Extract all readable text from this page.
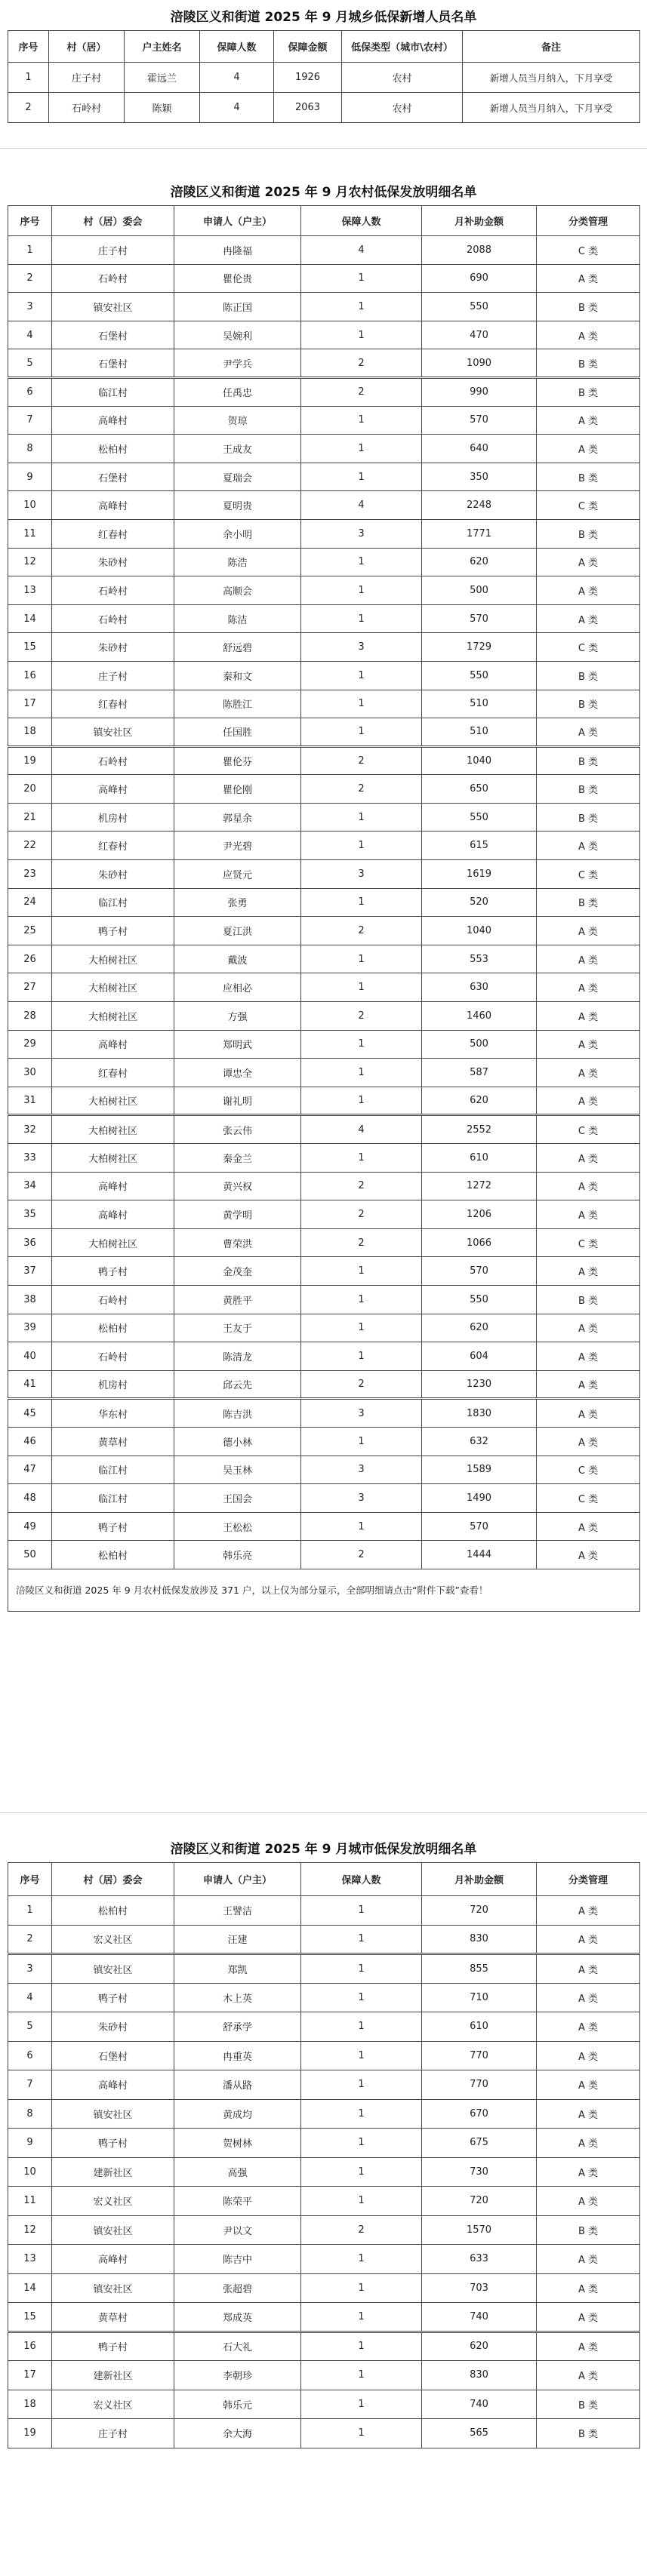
涪陵区义和街道 2025 年 9 月城乡低保新增人员名单
序号	村（居）	户主姓名	保障人数	保障金额	低保类型（城市\农村）	备注
1	庄子村	霍远兰	4	1926	农村	新增人员当月纳入，下月享受
2	石岭村	陈颖	4	2063	农村	新增人员当月纳入，下月享受
涪陵区义和街道 2025 年 9 月农村低保发放明细名单
序号	村（居）委会	申请人（户主）	保障人数	月补助金额	分类管理
1	庄子村	冉隆福	4	2088	C 类
2	石岭村	瞿伦贵	1	690	A 类
3	镇安社区	陈正国	1	550	B 类
4	石堡村	吴婉利	1	470	A 类
5	石堡村	尹学兵	2	1090	B 类
6	临江村	任禹忠	2	990	B 类
7	高峰村	贺琼	1	570	A 类
8	松柏村	王成友	1	640	A 类
9	石堡村	夏瑞会	1	350	B 类
10	高峰村	夏明贵	4	2248	C 类
11	红春村	余小明	3	1771	B 类
12	朱砂村	陈浩	1	620	A 类
13	石岭村	高顺会	1	500	A 类
14	石岭村	陈洁	1	570	A 类
15	朱砂村	舒远碧	3	1729	C 类
16	庄子村	秦和文	1	550	B 类
17	红春村	陈胜江	1	510	B 类
18	镇安社区	任国胜	1	510	A 类
19	石岭村	瞿伦芬	2	1040	B 类
20	高峰村	瞿伦刚	2	650	B 类
21	机房村	郭星余	1	550	B 类
22	红春村	尹光碧	1	615	A 类
23	朱砂村	应贤元	3	1619	C 类
24	临江村	张勇	1	520	B 类
25	鸭子村	夏江洪	2	1040	A 类
26	大柏树社区	戴波	1	553	A 类
27	大柏树社区	应相必	1	630	A 类
28	大柏树社区	方强	2	1460	A 类
29	高峰村	郑明武	1	500	A 类
30	红春村	谭忠全	1	587	A 类
31	大柏树社区	谢礼明	1	620	A 类
32	大柏树社区	张云伟	4	2552	C 类
33	大柏树社区	秦金兰	1	610	A 类
34	高峰村	黄兴权	2	1272	A 类
35	高峰村	黄学明	2	1206	A 类
36	大柏树社区	曹荣洪	2	1066	C 类
37	鸭子村	金茂奎	1	570	A 类
38	石岭村	黄胜平	1	550	B 类
39	松柏村	王友于	1	620	A 类
40	石岭村	陈清龙	1	604	A 类
41	机房村	邱云先	2	1230	A 类
45	华东村	陈吉洪	3	1830	A 类
46	黄草村	德小林	1	632	A 类
47	临江村	吴玉林	3	1589	C 类
48	临江村	王国会	3	1490	C 类
49	鸭子村	王松松	1	570	A 类
50	松柏村	韩乐亮	2	1444	A 类
涪陵区义和街道 2025 年 9 月农村低保发放涉及 371 户，以上仅为部分显示，全部明细请点击“附件下载”查看！					
涪陵区义和街道 2025 年 9 月城市低保发放明细名单
序号	村（居）委会	申请人（户主）	保障人数	月补助金额	分类管理
1	松柏村	王譬洁	1	720	A 类
2	宏义社区	汪建	1	830	A 类
3	镇安社区	郑凯	1	855	A 类
4	鸭子村	木上英	1	710	A 类
5	朱砂村	舒承学	1	610	A 类
6	石堡村	冉重英	1	770	A 类
7	高峰村	潘从路	1	770	A 类
8	镇安社区	黄成均	1	670	A 类
9	鸭子村	贺树林	1	675	A 类
10	建新社区	高强	1	730	A 类
11	宏义社区	陈荣平	1	720	A 类
12	镇安社区	尹以文	2	1570	B 类
13	高峰村	陈吉中	1	633	A 类
14	镇安社区	张超碧	1	703	A 类
15	黄草村	郑成英	1	740	A 类
16	鸭子村	石大礼	1	620	A 类
17	建新社区	李朝珍	1	830	A 类
18	宏义社区	韩乐元	1	740	B 类
19	庄子村	余大海	1	565	B 类
